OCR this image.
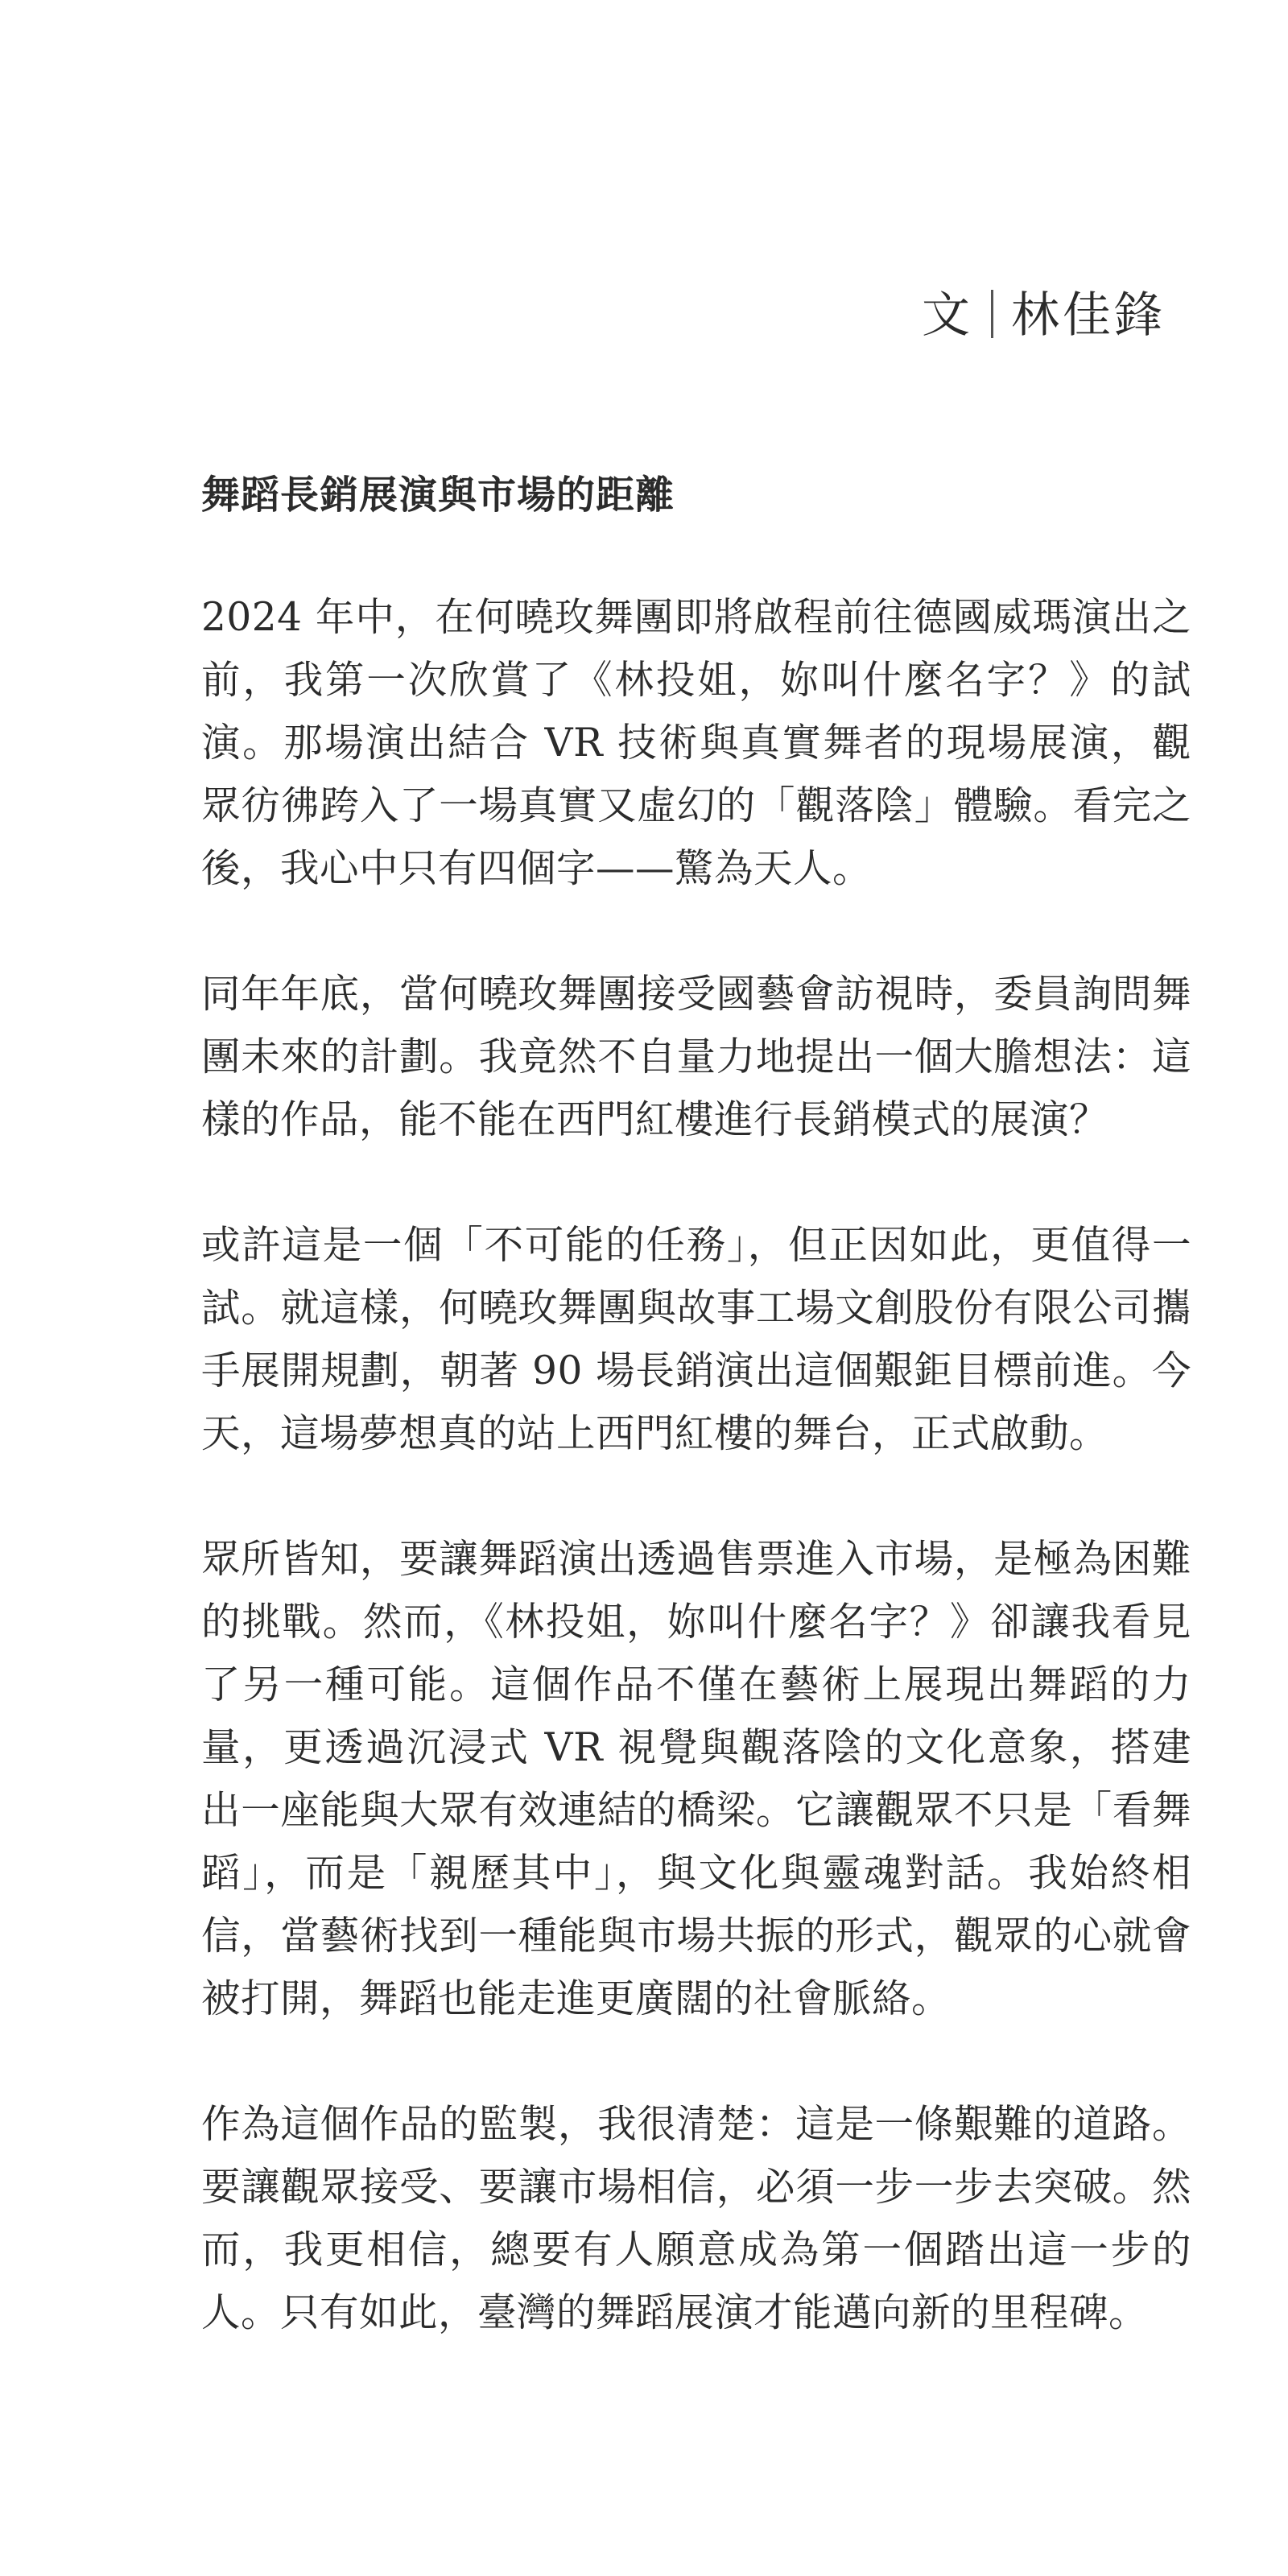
文 林佳鋒
舞蹈長銷展演與市場的距離

2024 年中，在何曉玫舞團即將啟程前往德國威瑪演出之前，我第一次欣賞了《林投姐，妳叫什麼名字？》的試演。那場演出結合 VR 技術與真實舞者的現場展演，觀眾彷彿跨入了一場真實又虛幻的「觀落陰」體驗。看完之後，我心中只有四個字——驚為天人。

同年年底，當何曉玫舞團接受國藝會訪視時，委員詢問舞團未來的計劃。我竟然不自量力地提出一個大膽想法：這樣的作品，能不能在西門紅樓進行長銷模式的展演？

或許這是一個「不可能的任務」，但正因如此，更值得一試。就這樣，何曉玫舞團與故事工場文創股份有限公司攜手展開規劃，朝著 90 場長銷演出這個艱鉅目標前進。今天，這場夢想真的站上西門紅樓的舞台，正式啟動。

眾所皆知，要讓舞蹈演出透過售票進入市場，是極為困難的挑戰。然而，《林投姐，妳叫什麼名字？》卻讓我看見了另一種可能。這個作品不僅在藝術上展現出舞蹈的力量，更透過沉浸式 VR 視覺與觀落陰的文化意象，搭建出一座能與大眾有效連結的橋梁。它讓觀眾不只是「看舞蹈」，而是「親歷其中」，與文化與靈魂對話。我始終相信，當藝術找到一種能與市場共振的形式，觀眾的心就會被打開，舞蹈也能走進更廣闊的社會脈絡。

作為這個作品的監製，我很清楚：這是一條艱難的道路。要讓觀眾接受、要讓市場相信，必須一步一步去突破。然而，我更相信，總要有人願意成為第一個踏出這一步的人。只有如此，臺灣的舞蹈展演才能邁向新的里程碑。
